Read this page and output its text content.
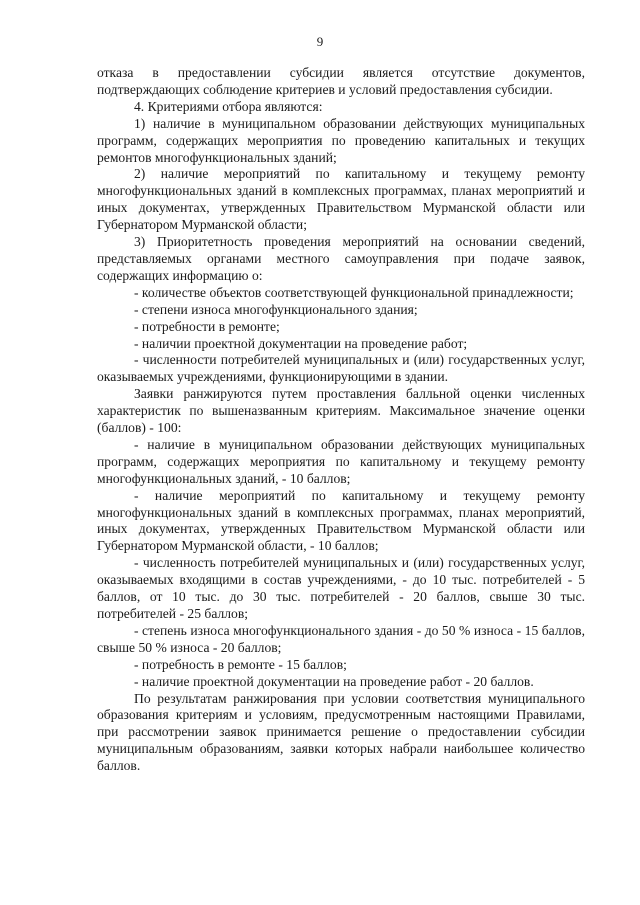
9

отказа в предоставлении субсидии является отсутствие документов, подтверждающих соблюдение критериев и условий предоставления субсидии.

4. Критериями отбора являются:

1) наличие в муниципальном образовании действующих муниципальных программ, содержащих мероприятия по проведению капитальных и текущих ремонтов многофункциональных зданий;

2) наличие мероприятий по капитальному и текущему ремонту многофункциональных зданий в комплексных программах, планах мероприятий и иных документах, утвержденных Правительством Мурманской области или Губернатором Мурманской области;

3) Приоритетность проведения мероприятий на основании сведений, представляемых органами местного самоуправления при подаче заявок, содержащих информацию о:

- количестве объектов соответствующей функциональной принадлежности;

- степени износа многофункционального здания;

- потребности в ремонте;

- наличии проектной документации на проведение работ;

- численности потребителей муниципальных и (или) государственных услуг, оказываемых учреждениями, функционирующими в здании.

Заявки ранжируются путем проставления балльной оценки численных характеристик по вышеназванным критериям. Максимальное значение оценки (баллов) - 100:

- наличие в муниципальном образовании действующих муниципальных программ, содержащих мероприятия по капитальному и текущему ремонту многофункциональных зданий, - 10 баллов;

- наличие мероприятий по капитальному и текущему ремонту многофункциональных зданий в комплексных программах, планах мероприятий, иных документах, утвержденных Правительством Мурманской области или Губернатором Мурманской области, - 10 баллов;

- численность потребителей муниципальных и (или) государственных услуг, оказываемых входящими в состав учреждениями, - до 10 тыс. потребителей - 5 баллов, от 10 тыс. до 30 тыс. потребителей - 20 баллов, свыше 30 тыс. потребителей - 25 баллов;

- степень износа многофункционального здания - до 50 % износа - 15 баллов, свыше 50 % износа - 20 баллов;

- потребность в ремонте - 15 баллов;

- наличие проектной документации на проведение работ - 20 баллов.

По результатам ранжирования при условии соответствия муниципального образования критериям и условиям, предусмотренным настоящими Правилами, при рассмотрении заявок принимается решение о предоставлении субсидии муниципальным образованиям, заявки которых набрали наибольшее количество баллов.
